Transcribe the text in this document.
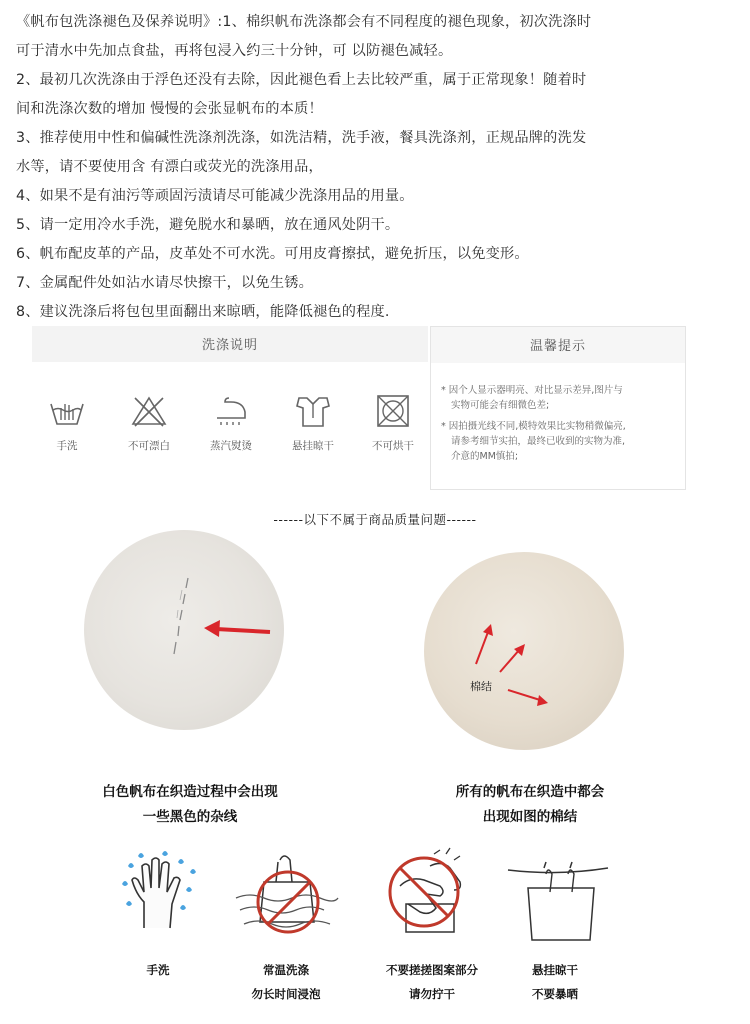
《帆布包洗涤褪色及保养说明》:1、棉织帆布洗涤都会有不同程度的褪色现象，初次洗涤时
可于清水中先加点食盐，再将包浸入约三十分钟，可 以防褪色减轻。
2、最初几次洗涤由于浮色还没有去除，因此褪色看上去比较严重，属于正常现象！随着时
间和洗涤次数的增加 慢慢的会张显帆布的本质！
3、推荐使用中性和偏碱性洗涤剂洗涤，如洗洁精，洗手液，餐具洗涤剂，正规品牌的洗发
水等，请不要使用含 有漂白或荧光的洗涤用品，
4、如果不是有油污等顽固污渍请尽可能减少洗涤用品的用量。
5、请一定用冷水手洗，避免脱水和暴晒，放在通风处阴干。
6、帆布配皮革的产品，皮革处不可水洗。可用皮膏擦拭，避免折压，以免变形。
7、金属配件处如沾水请尽快擦干，以免生锈。
8、建议洗涤后将包包里面翻出来晾晒，能降低褪色的程度.
洗涤说明
手洗	不可漂白	蒸汽熨烫	悬挂晾干	不可烘干
温馨提示
* 因个人显示器明亮、对比显示差异,图片与
实物可能会有细微色差;
* 因拍摄光线不同,模特效果比实物稍微偏亮,
请参考细节实拍，最终已收到的实物为准,
介意的MM慎拍;
------以下不属于商品质量问题------
棉结
白色帆布在织造过程中会出现
一些黑色的杂线
所有的帆布在织造中都会
出现如图的棉结
手洗	常温洗涤
勿长时间浸泡
不要搓搓图案部分
请勿拧干
悬挂晾干
不要暴晒
